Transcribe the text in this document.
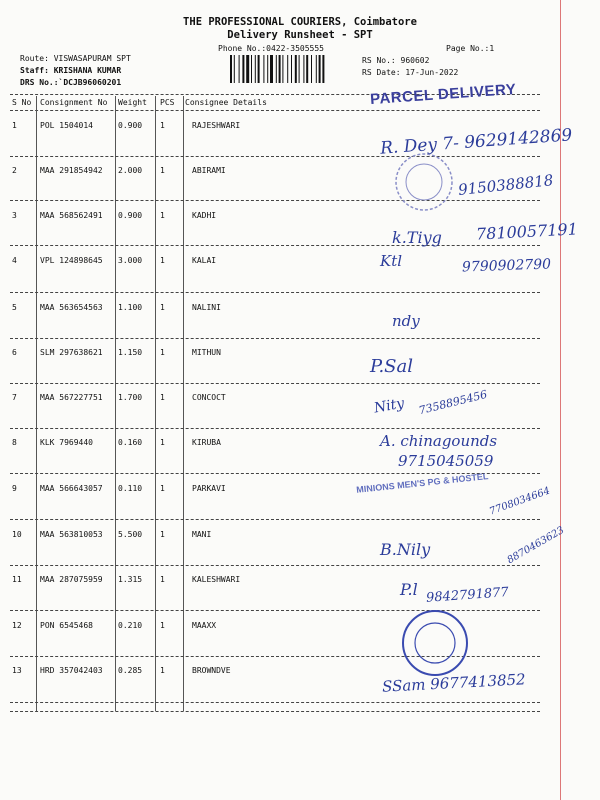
THE PROFESSIONAL COURIERS, Coimbatore
Delivery Runsheet - SPT
Phone No.:0422-3505555	Page No.:1
Route: VISWASAPURAM SPT
Staff: KRISHANA KUMAR
DRS No.:`DCJB96060201
RS No.: 960602
RS Date: 17-Jun-2022
S No Consignment No Weight PCS Consignee Details
1	POL 1504014	0.900 1	RAJESHWARI
2	MAA 291854942 2.000 1	ABIRAMI
3	MAA 568562491 0.900 1	KADHI
4	VPL 124898645 3.000 1	KALAI
5	MAA 563654563 1.100 1	NALINI
6	SLM 297638621 1.150 1	MITHUN
7	MAA 567227751 1.700 1	CONCOCT
8	KLK 7969440	0.160 1	KIRUBA
9	MAA 566643057 0.110 1	PARKAVI
10 MAA 563810053 5.500 1	MANI
11 MAA 287075959 1.315 1	KALESHWARI
12 PON 6545468	0.210 1	MAAXX
13 HRD 357042403 0.285 1	BROWNDVE
PARCEL DELIVERY
R. Dey 7- 9629142869
9150388818
7810057191
k.Tiyg
Ktl	9790902790
ndy
P.Sal
Nity 7358895456
A. chinagounds
9715045059
MINIONS MEN'S PG & HOSTEL
7708034664
B.Nily	8870463623
P.l 9842791877
SSam 9677413852
